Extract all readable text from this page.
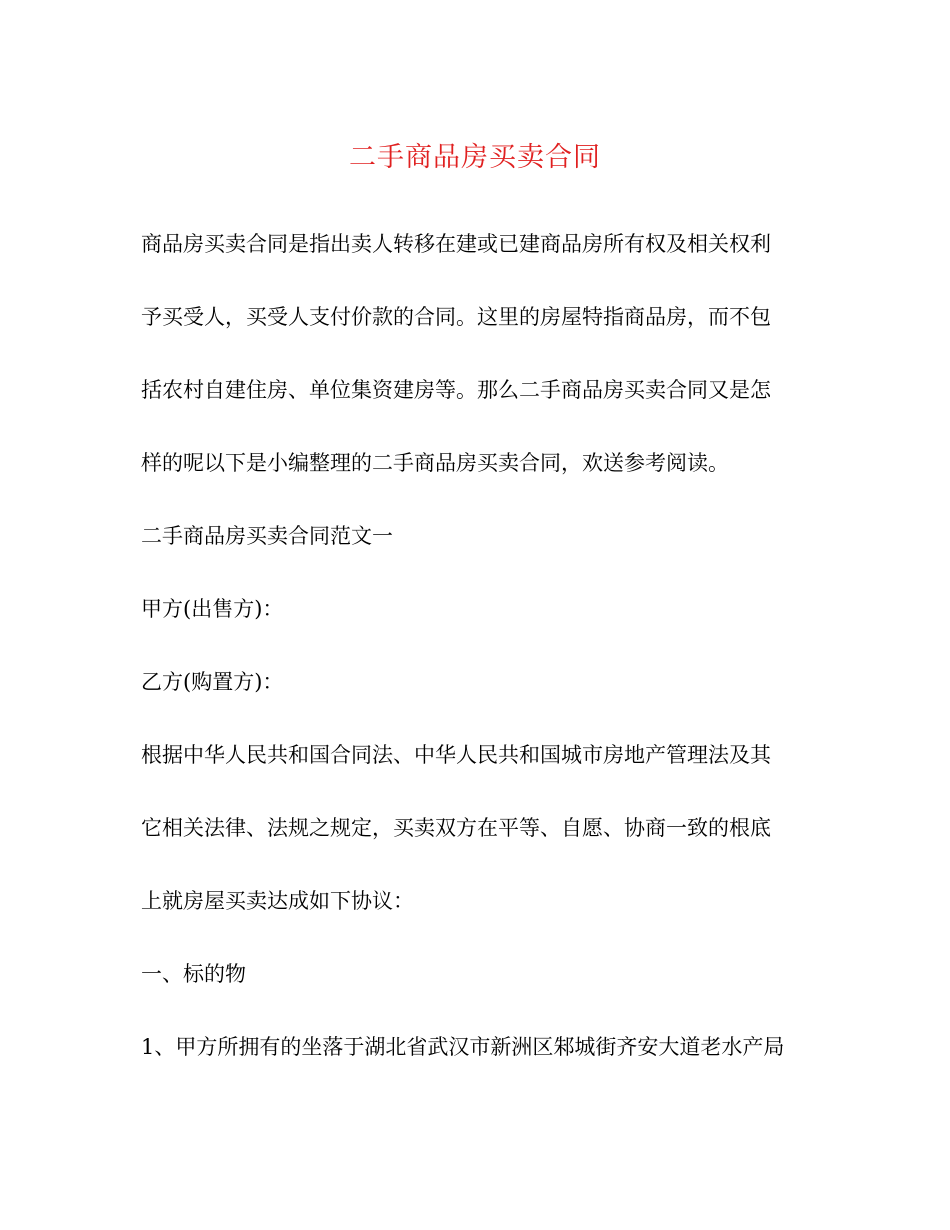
二手商品房买卖合同
商品房买卖合同是指出卖人转移在建或已建商品房所有权及相关权利
予买受人，买受人支付价款的合同。这里的房屋特指商品房，而不包
括农村自建住房、单位集资建房等。那么二手商品房买卖合同又是怎
样的呢以下是小编整理的二手商品房买卖合同，欢送参考阅读。
二手商品房买卖合同范文一
甲方(出售方)：
乙方(购置方)：
根据中华人民共和国合同法、中华人民共和国城市房地产管理法及其
它相关法律、法规之规定，买卖双方在平等、自愿、协商一致的根底
上就房屋买卖达成如下协议：
一、标的物
1、甲方所拥有的坐落于湖北省武汉市新洲区邾城街齐安大道老水产局
